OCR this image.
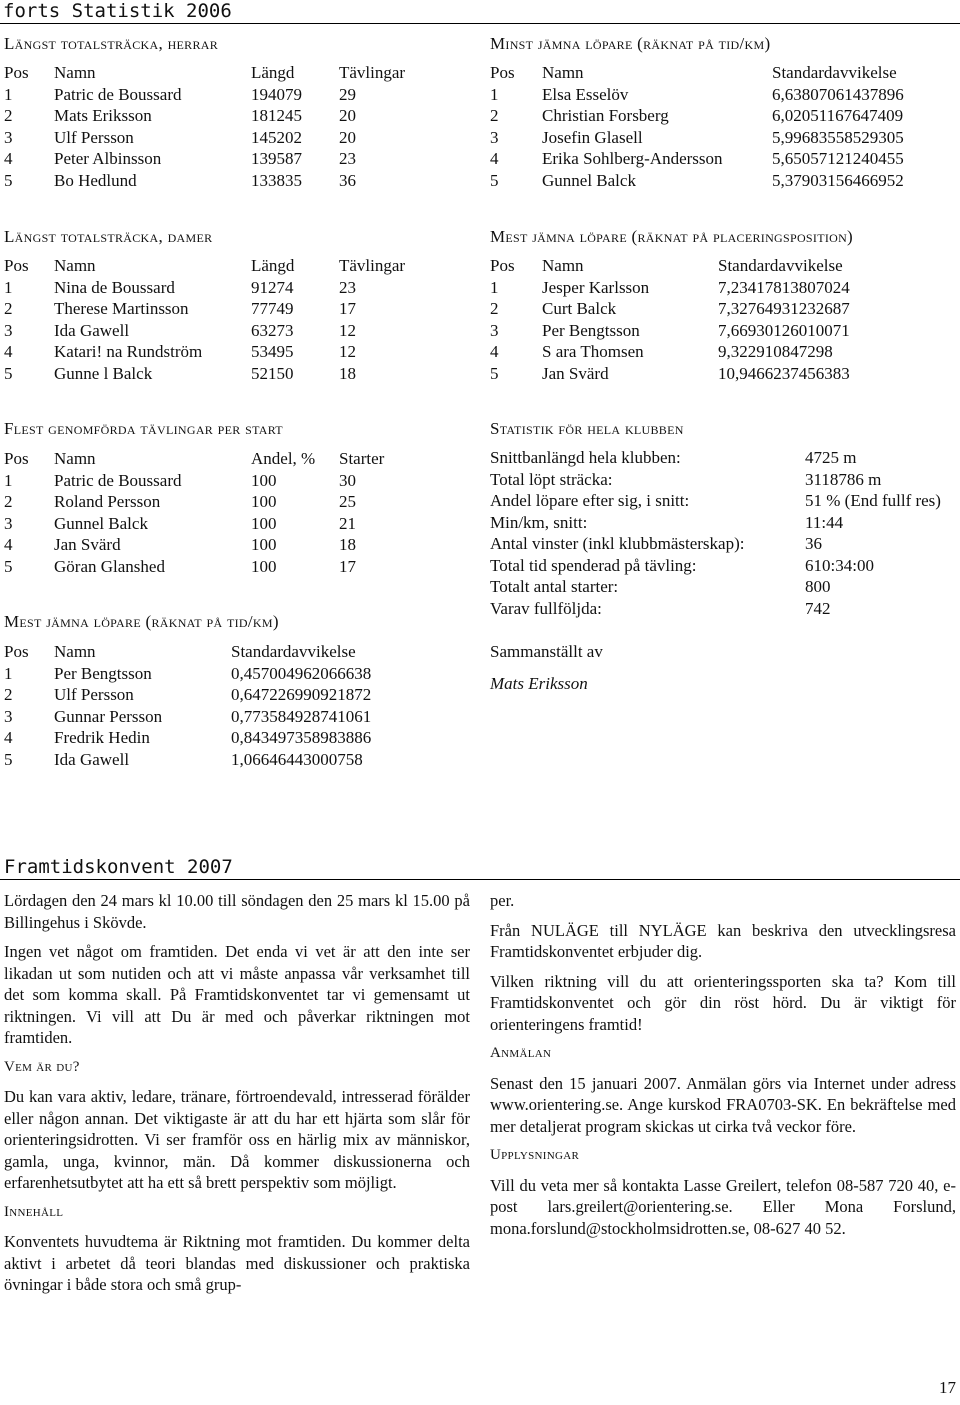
forts Statistik 2006
Längst totalsträcka, herrar
Pos	Namn	Längd	Tävlingar
1	Patric de Boussard	194079	29
2	Mats Eriksson	181245	20
3	Ulf Persson	145202	20
4	Peter Albinsson	139587	23
5	Bo Hedlund	133835	36
Minst jämna löpare (räknat på tid/km)
Pos	Namn	Standardavvikelse
1	Elsa Esselöv	6,63807061437896
2	Christian Forsberg	6,02051167647409
3	Josefin Glasell	5,99683558529305
4	Erika Sohlberg-Andersson	5,65057121240455
5	Gunnel Balck	5,37903156466952
Längst totalsträcka, damer
Pos	Namn	Längd	Tävlingar
1	Nina de Boussard	91274	23
2	Therese Martinsson	77749	17
3	Ida Gawell	63273	12
4	Katari! na Rundström	53495	12
5	Gunne l Balck	52150	18
Mest jämna löpare (räknat på placeringsposition)
Pos	Namn	Standardavvikelse
1	Jesper Karlsson	7,23417813807024
2	Curt Balck	7,32764931232687
3	Per Bengtsson	7,66930126010071
4	S ara Thomsen	9,322910847298
5	Jan Svärd	10,9466237456383
Flest genomförda tävlingar per start
Pos	Namn	Andel, %	Starter
1	Patric de Boussard	100	30
2	Roland Persson	100	25
3	Gunnel Balck	100	21
4	Jan Svärd	100	18
5	Göran Glanshed	100	17
Statistik för hela klubben
Snittbanlängd hela klubben:	4725 m
Total löpt sträcka:	3118786 m
Andel löpare efter sig, i snitt:	51 % (End fullf res)
Min/km, snitt:	11:44
Antal vinster (inkl klubbmästerskap):	36
Total tid spenderad på tävling:	610:34:00
Totalt antal starter:	800
Varav fullföljda:	742
Sammanställt av
Mats Eriksson
Mest jämna löpare (räknat på tid/km)
Pos	Namn	Standardavvikelse
1	Per Bengtsson	0,457004962066638
2	Ulf Persson	0,647226990921872
3	Gunnar Persson	0,773584928741061
4	Fredrik Hedin	0,843497358983886
5	Ida Gawell	1,06646443000758
Framtidskonvent 2007

Lördagen den 24 mars kl 10.00 till söndagen den 25 mars kl 15.00 på Billingehus i Skövde.

Ingen vet något om framtiden. Det enda vi vet är att den inte ser likadan ut som nutiden och att vi måste anpassa vår verksamhet till det som komma skall. På Framtidskonventet tar vi gemensamt ut riktningen. Vi vill att Du är med och påverkar riktningen mot framtiden.

Vem är du?

Du kan vara aktiv, ledare, tränare, förtroendevald, intresserad förälder eller någon annan. Det viktigaste är att du har ett hjärta som slår för orienteringsidrotten. Vi ser framför oss en härlig mix av människor, gamla, unga, kvinnor, män. Då kommer diskussionerna och erfarenhetsutbytet att ha ett så brett perspektiv som möjligt.

Innehåll

Konventets huvudtema är Riktning mot framtiden. Du kommer delta aktivt i arbetet då teori blandas med diskussioner och praktiska övningar i både stora och små grup-

per.

Från NULÄGE till NYLÄGE kan beskriva den utvecklingsresa Framtidskonventet erbjuder dig.

Vilken riktning vill du att orienteringssporten ska ta? Kom till Framtidskonventet och gör din röst hörd. Du är viktigt för orienteringens framtid!

Anmälan

Senast den 15 januari 2007. Anmälan görs via Internet under adress www.orientering.se. Ange kurskod FRA0703-SK. En bekräftelse med mer detaljerat program skickas ut cirka två veckor före.

Upplysningar

Vill du veta mer så kontakta Lasse Greilert, telefon 08-587 720 40, e-post lars.greilert@orientering.se. Eller Mona Forslund, mona.forslund@stockholmsidrotten.se, 08-627 40 52.

17
